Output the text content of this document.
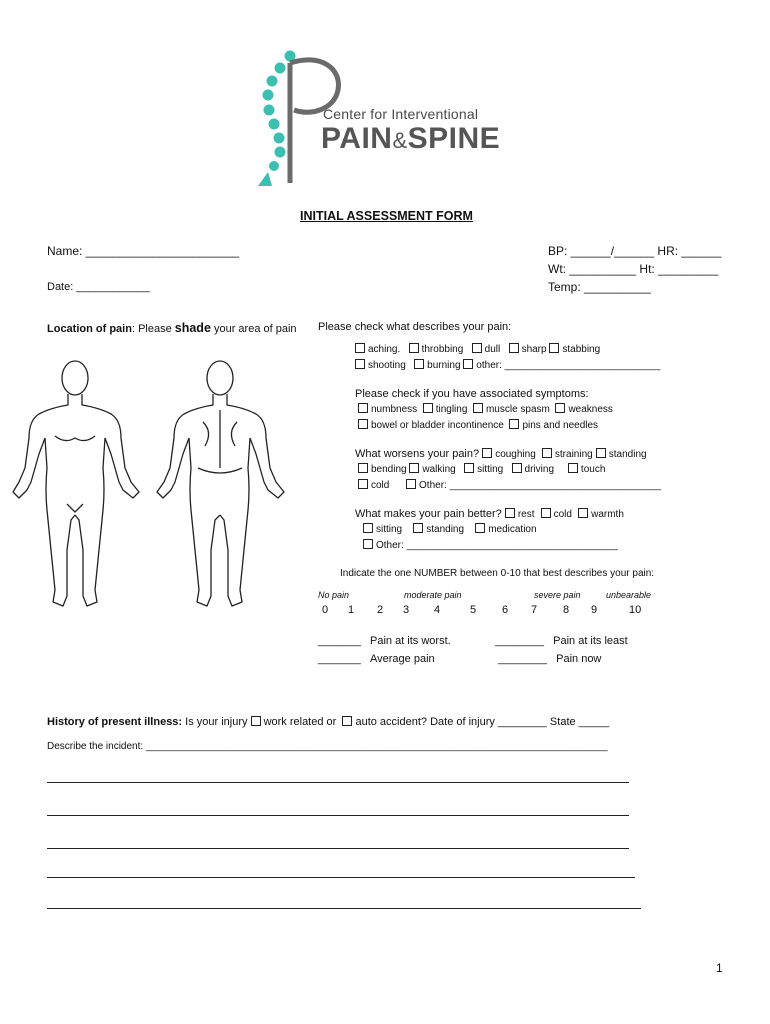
Center for Interventional
PAIN&SPINE
INITIAL ASSESSMENT FORM
Name: _______________________
Date: ____________
BP: ______/______ HR: ______
Wt: __________ Ht: _________
Temp: __________
Location of pain: Please shade your area of pain Please check what describes your pain:
aching. throbbing dull sharp stabbing
shooting burning other: ____________________________
Please check if you have associated symptoms:
numbness tingling muscle spasm weakness
bowel or bladder incontinence pins and needles
What worsens your pain? coughing straining standing
bending walking sitting driving	touch
cold	Other: ______________________________________
What makes your pain better? rest cold warmth
sitting standing medication
Other: ______________________________________
Indicate the one NUMBER between 0-10 that best describes your pain:
No pain	moderate pain	severe pain	unbearable
0 1 2 3 4	5 6 7 8 9	10
_______ Pain at its worst.	________ Pain at its least
_______ Average pain	________ Pain now
History of present illness: Is your injury work related or auto accident? Date of injury ________ State _____
Describe the incident: ___________________________________________________________________________________
1
